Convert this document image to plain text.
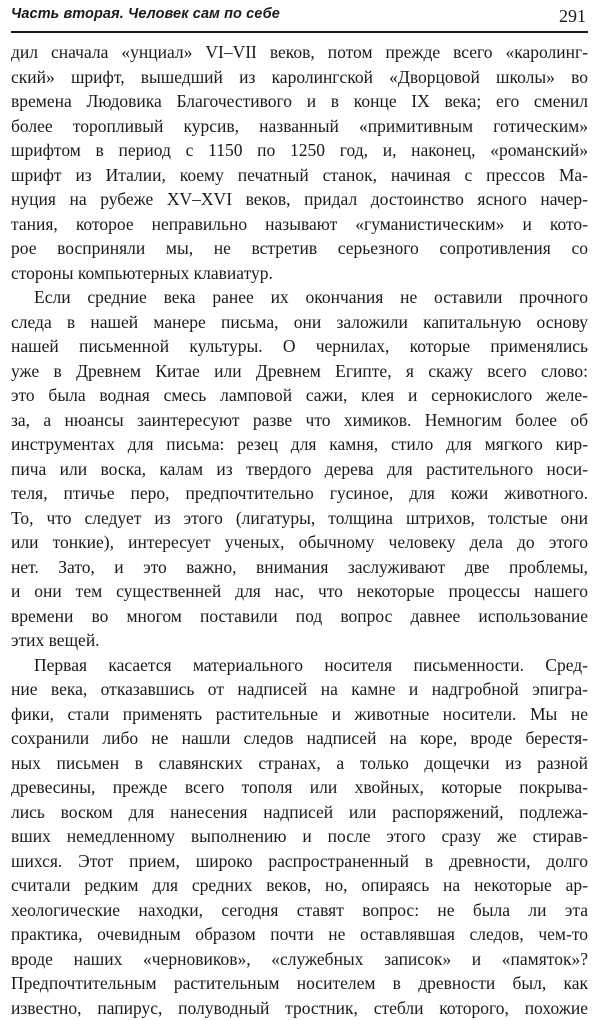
Часть вторая. Человек сам по себе	291
дил сначала «унциал» VI–VII веков, потом прежде всего «каролинг-
ский» шрифт, вышедший из каролингской «Дворцовой школы» во
времена Людовика Благочестивого и в конце IX века; его сменил
более торопливый курсив, названный «примитивным готическим»
шрифтом в период с 1150 по 1250 год, и, наконец, «романский»
шрифт из Италии, коему печатный станок, начиная с прессов Ма-
нуция на рубеже XV–XVI веков, придал достоинство ясного начер-
тания, которое неправильно называют «гуманистическим» и кото-
рое восприняли мы, не встретив серьезного сопротивления со
стороны компьютерных клавиатур.
Если средние века ранее их окончания не оставили прочного
следа в нашей манере письма, они заложили капитальную основу
нашей письменной культуры. О чернилах, которые применялись
уже в Древнем Китае или Древнем Египте, я скажу всего слово:
это была водная смесь ламповой сажи, клея и сернокислого желе-
за, а нюансы заинтересуют разве что химиков. Немногим более об
инструментах для письма: резец для камня, стило для мягкого кир-
пича или воска, калам из твердого дерева для растительного носи-
теля, птичье перо, предпочтительно гусиное, для кожи животного.
То, что следует из этого (лигатуры, толщина штрихов, толстые они
или тонкие), интересует ученых, обычному человеку дела до этого
нет. Зато, и это важно, внимания заслуживают две проблемы,
и они тем существенней для нас, что некоторые процессы нашего
времени во многом поставили под вопрос давнее использование
этих вещей.
Первая касается материального носителя письменности. Сред-
ние века, отказавшись от надписей на камне и надгробной эпигра-
фики, стали применять растительные и животные носители. Мы не
сохранили либо не нашли следов надписей на коре, вроде берестя-
ных письмен в славянских странах, а только дощечки из разной
древесины, прежде всего тополя или хвойных, которые покрыва-
лись воском для нанесения надписей или распоряжений, подлежа-
вших немедленному выполнению и после этого сразу же стирав-
шихся. Этот прием, широко распространенный в древности, долго
считали редким для средних веков, но, опираясь на некоторые ар-
хеологические находки, сегодня ставят вопрос: не была ли эта
практика, очевидным образом почти не оставлявшая следов, чем-то
вроде наших «черновиков», «служебных записок» и «памяток»?
Предпочтительным растительным носителем в древности был, как
известно, папирус, полуводный тростник, стебли которого, похожие
